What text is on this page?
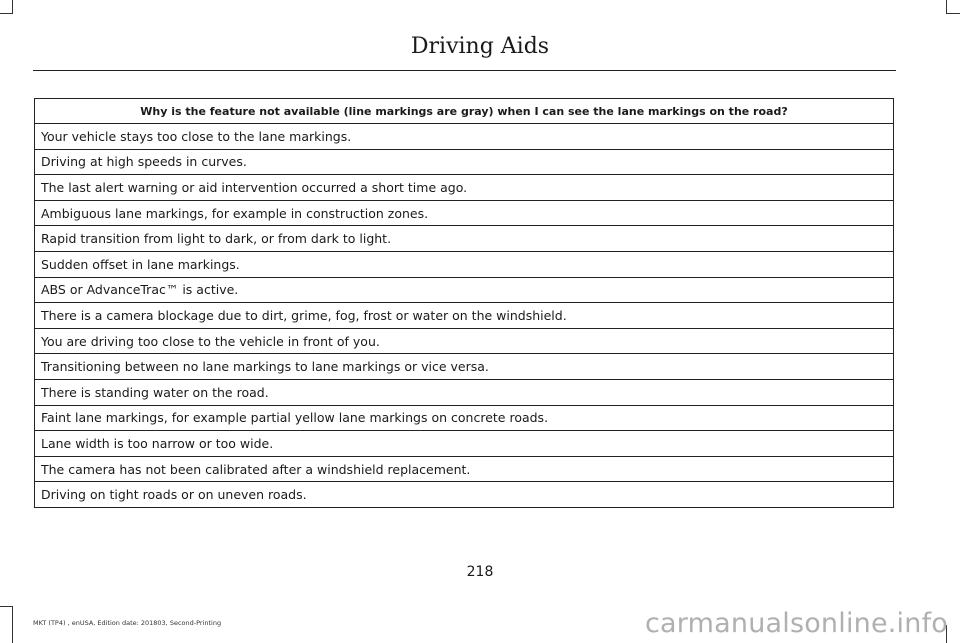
Driving Aids
Why is the feature not available (line markings are gray) when I can see the lane markings on the road?
Your vehicle stays too close to the lane markings.
Driving at high speeds in curves.
The last alert warning or aid intervention occurred a short time ago.
Ambiguous lane markings, for example in construction zones.
Rapid transition from light to dark, or from dark to light.
Sudden offset in lane markings.
ABS or AdvanceTrac™ is active.
There is a camera blockage due to dirt, grime, fog, frost or water on the windshield.
You are driving too close to the vehicle in front of you.
Transitioning between no lane markings to lane markings or vice versa.
There is standing water on the road.
Faint lane markings, for example partial yellow lane markings on concrete roads.
Lane width is too narrow or too wide.
The camera has not been calibrated after a windshield replacement.
Driving on tight roads or on uneven roads.
218
MKT (TP4) , enUSA, Edition date: 201803, Second-Printing	carmanualsonline.info
